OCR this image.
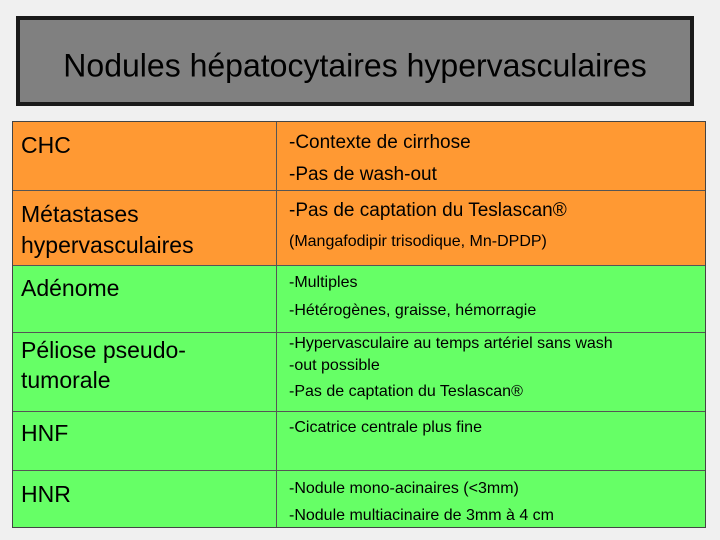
Nodules hépatocytaires hypervasculaires
CHC	-Contexte de cirrhose
-Pas de wash-out
Métastases hypervasculaires
-Pas de captation du Teslascan®
(Mangafodipir trisodique, Mn-DPDP)
Adénome	-Multiples
-Hétérogènes, graisse, hémorragie
Péliose pseudo-tumorale
-Hypervasculaire au temps artériel sans wash
-out possible
-Pas de captation du Teslascan®
HNF	-Cicatrice centrale plus fine
HNR	-Nodule mono-acinaires (<3mm)
-Nodule multiacinaire de 3mm à 4 cm
